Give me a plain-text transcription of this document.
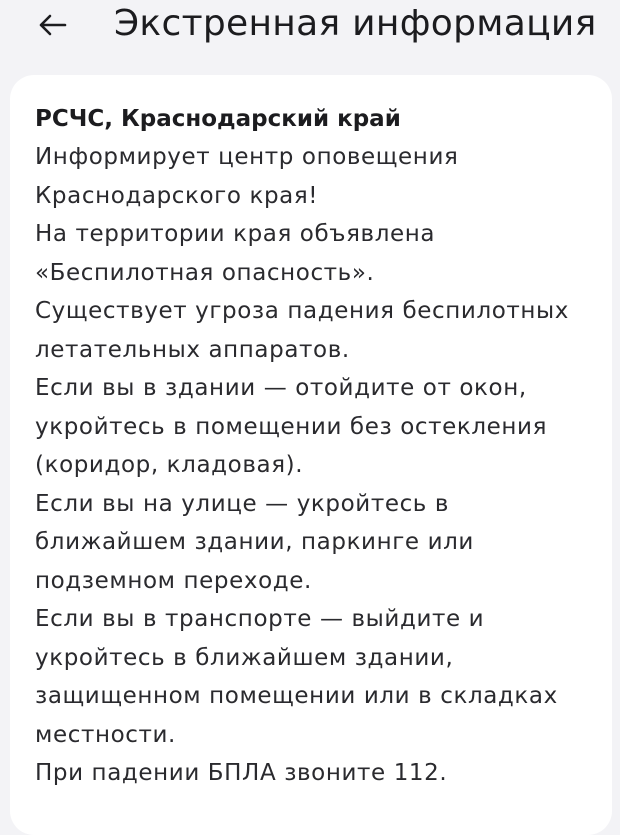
Экстренная информация

РСЧС, Краснодарский край

Информирует центр оповещения

Краснодарского края!

На территории края объявлена

«Беспилотная опасность».

Существует угроза падения беспилотных

летательных аппаратов.

Если вы в здании — отойдите от окон,

укройтесь в помещении без остекления

(коридор, кладовая).

Если вы на улице — укройтесь в

ближайшем здании, паркинге или

подземном переходе.

Если вы в транспорте — выйдите и

укройтесь в ближайшем здании,

защищенном помещении или в складках

местности.

При падении БПЛА звоните 112.
